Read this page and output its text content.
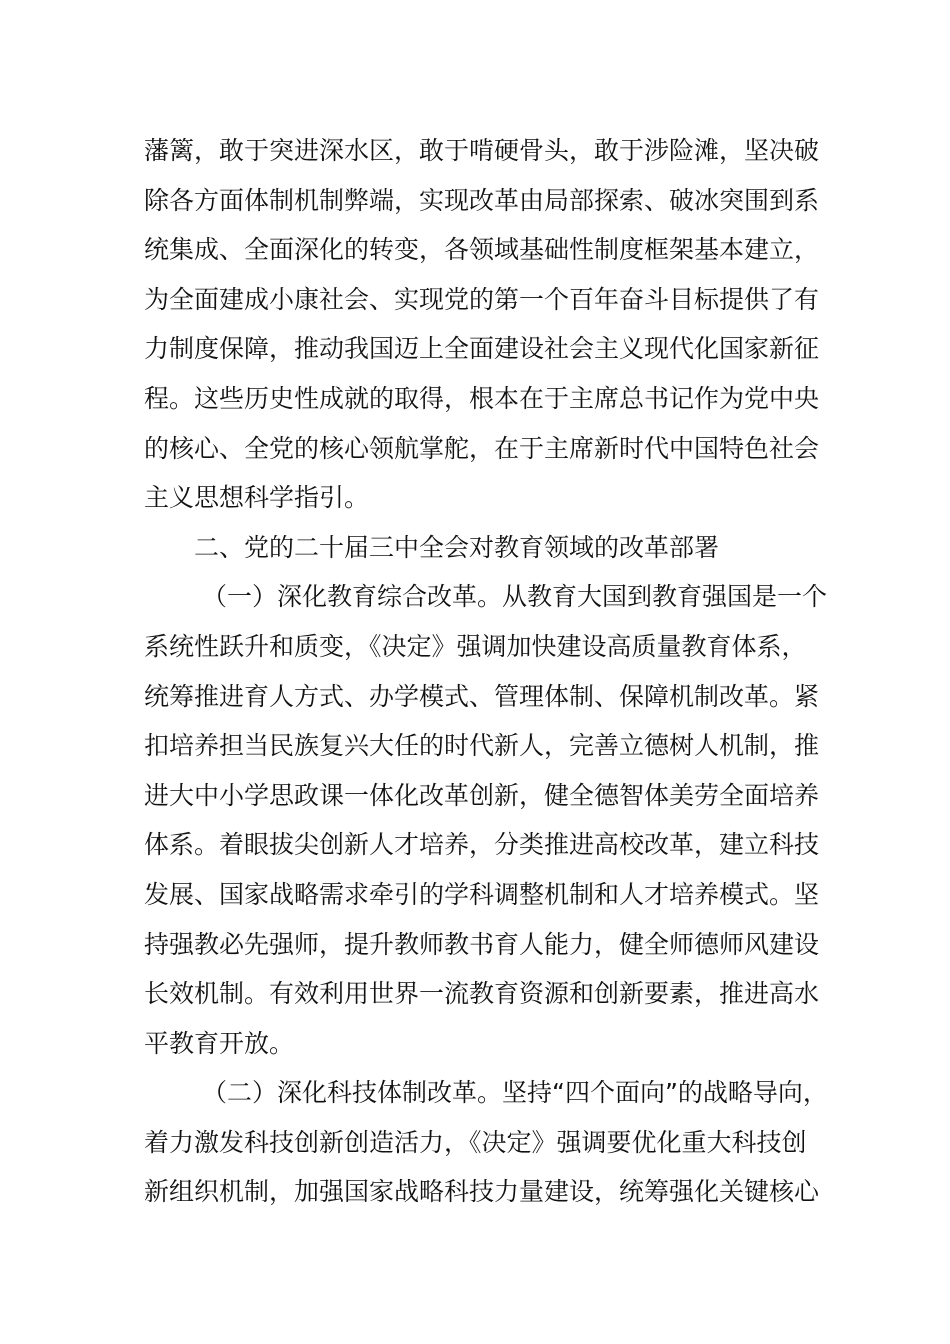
藩篱，敢于突进深水区，敢于啃硬骨头，敢于涉险滩，坚决破
除各方面体制机制弊端，实现改革由局部探索、破冰突围到系
统集成、全面深化的转变，各领域基础性制度框架基本建立，
为全面建成小康社会、实现党的第一个百年奋斗目标提供了有
力制度保障，推动我国迈上全面建设社会主义现代化国家新征
程。这些历史性成就的取得，根本在于主席总书记作为党中央
的核心、全党的核心领航掌舵，在于主席新时代中国特色社会
主义思想科学指引。
二、党的二十届三中全会对教育领域的改革部署
（一）深化教育综合改革。从教育大国到教育强国是一个
系统性跃升和质变，《决定》强调加快建设高质量教育体系，
统筹推进育人方式、办学模式、管理体制、保障机制改革。紧
扣培养担当民族复兴大任的时代新人，完善立德树人机制，推
进大中小学思政课一体化改革创新，健全德智体美劳全面培养
体系。着眼拔尖创新人才培养，分类推进高校改革，建立科技
发展、国家战略需求牵引的学科调整机制和人才培养模式。坚
持强教必先强师，提升教师教书育人能力，健全师德师风建设
长效机制。有效利用世界一流教育资源和创新要素，推进高水
平教育开放。
（二）深化科技体制改革。坚持“四个面向”的战略导向，
着力激发科技创新创造活力，《决定》强调要优化重大科技创
新组织机制，加强国家战略科技力量建设，统筹强化关键核心
